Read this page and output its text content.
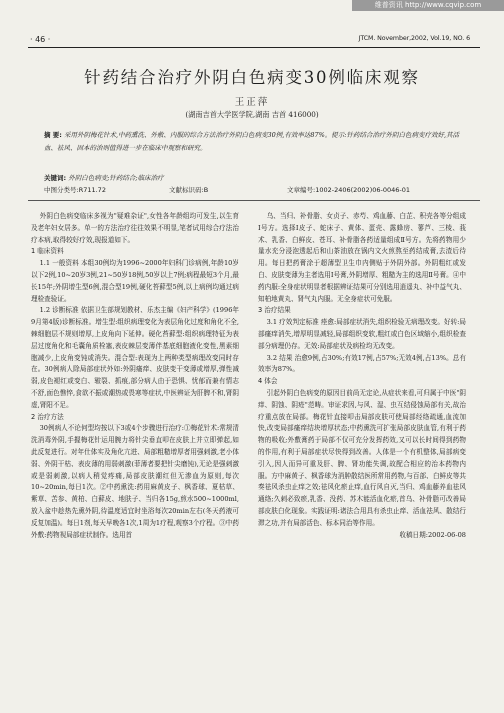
维普资讯 http://www.cqvip.com
· 46 ·	JTCM. November,2002, Vol.19, NO. 6
针药结合治疗外阴白色病变30例临床观察
王正萍
(湖南吉首大学医学院,湖南 吉首 416000)
摘 要: 采用外阴梅花针术,中药熏洗、外敷、内服的综合方法治疗外阴白色病变30例,有效率达87%。提示:针药结合治疗外阴白色病变疗效好,其活血、祛风、固本的治则值得进一步在临床中观察和研究。
关键词: 外阴白色病变;针药结合;临床治疗
中图分类号:R711.72	文献标识码:B	文章编号:1002-2406(2002)06-0046-01

外阴白色病变临床多视为"疑难杂证",女性各年龄组均可发生,以生育及老年妇女居多。单一的方法治疗往往效果不明显,笔者试用综合疗法治疗本病,取得较好疗效,现报道如下。

1 临床资料

1.1 一般资料 本组30例均为1996~2000年妇科门诊病例,年龄10岁以下2例,10~20岁3例,21~50岁18例,50岁以上7例;病程最短3个月,最长15年;外阴增生型6例,混合型19例,硬化苔藓型5例,以上病例均通过病理检查验证。

1.2 诊断标准 依据卫生部规划教材、乐杰主编《妇产科学》(1996年9月第4版)诊断标准。增生型:组织病理变化为表层角化过度和角化不全,棘细胞层不规则增厚,上皮角向下延伸。硬化苔藓型:组织病理特征为表层过度角化和毛囊角质栓塞,表皮棘层变薄伴基底细胞液化变性,黑素细胞减少,上皮角变钝或消失。混合型:表现为上两种类型病理改变同时存在。30例病人除局部症状外如:外阴瘙痒、皮肤变干变薄或增厚,弹性减弱,皮色褪红或变白、皲裂、抓痕,部分病人由于恐惧、忧郁而兼有情志不舒,面色憔悴,食欲不振或潮热或畏寒等症状,中医辨证为肝脾不和,肾阴虚,肾阳不足。

2 治疗方法

30例病人不论何型均按以下3或4个步骤进行治疗:①梅花针术:常规清洗消毒外阴,手握梅花针运用腕力将针尖垂直叩在皮肤上并立即弹起,如此反复进行。对年仕体实及角化亢进、局部粗糙增厚者用强刺激,老小体弱、外阴干枯、表皮薄的用弱刺激(菲薄者要把针尖磨钝),无论是强刺激或是弱刺激,以病人稍觉疼痛,局部皮肤潮红但无渗血为原则,每次10~20min,每日1次。②中药熏洗:药用麻黄皮子、枫香球、夏枯草、紫草、苦参、黄柏、白藓皮、地肤子、当归各15g,煎水500~1000ml,放入盆中趁热先熏外阴,待温度适宜时坐浴每次20min左右(冬天药液可反复加温)。每日1剂,每天早晚各1次,1周为1疗程,观察3个疗程。③中药外敷:药物视局部症状制作。选用首

乌、当归、补骨脂、女贞子、赤芍、鸡血藤、白芷、积壳各等分组成Ⅰ号方。选择Ⅰ皮子、蛇床子、黄体、蛋壳、露蜂房、蓼芦、三棱、莪术、乳香、白鲜皮、苍耳、补骨脂各药适量组成Ⅱ号方。先将药物用少量水充分浸泡透起后和山茶油放在锅内文火煎熬至药结成膏,去渣后待用。每日把药膏涂于超薄型卫生巾内侧贴于外阴外部。外阴粗红或发白、皮肤变薄为主者选用Ⅰ号膏,外阴增厚、粗糙为主的选用Ⅱ号膏。④中药内服:全身症状明显者根据辨证结果可分别选用逍遥丸、补中益气丸、知柏地黄丸、肾气丸内服。无全身症状可免服。

3 治疗结果

3.1 疗效判定标准 痊愈:局部症状消失,组织检验无病理改变。好转:局部瘙痒消失,增厚明显减轻,局部组织变软,粗红或白色区域缩小,组织检查部分病理仍存。无效:局部症状及病检均无改变。

3.2 结果 治愈9例,占30%;有效17例,占57%;无效4例,占13%。总有效率为87%。

4 体会

引起外阴白色病变的原因目前尚无定论,从症状来看,可归属于中医"阴痒、阴蚀、阴疮"范畴。审证求因,与风、湿、虫互结侵蚀局部有关,故治疗重点放在局部。梅花针直接叩击局部皮肤可使局部经络疏通,血流加快,改变局部瘙痒结块增厚状态;中药熏洗可扩张局部皮肤血管,有利于药物的吸收;外敷膏药于局部不仅可充分发挥药效,又可以长时间得到药物的作用,有利于局部症状尽快得到改善。人体是一个有机整体,局部病变引入,因人而异可重及肝、脾、肾功能失调,故配合相应的治本药物内服。方中麻黄子、枫香球为消肿散结医所常用药物,与百部、白鲜皮等共奏祛风杀虫止痒之效;祛风化瘀止痒,血行风自灭,当归、鸡血藤养血祛风通络;久刺必致瘀,乳香、没药、苏木能活血化瘀,首乌、补骨脂可改善局部皮肤白化现象。实践证明:诸法合用具有杀虫止痒、活血祛风、散结行滞之功,并有局部活色、标本同治等作用。

收稿日期:2002-06-08
